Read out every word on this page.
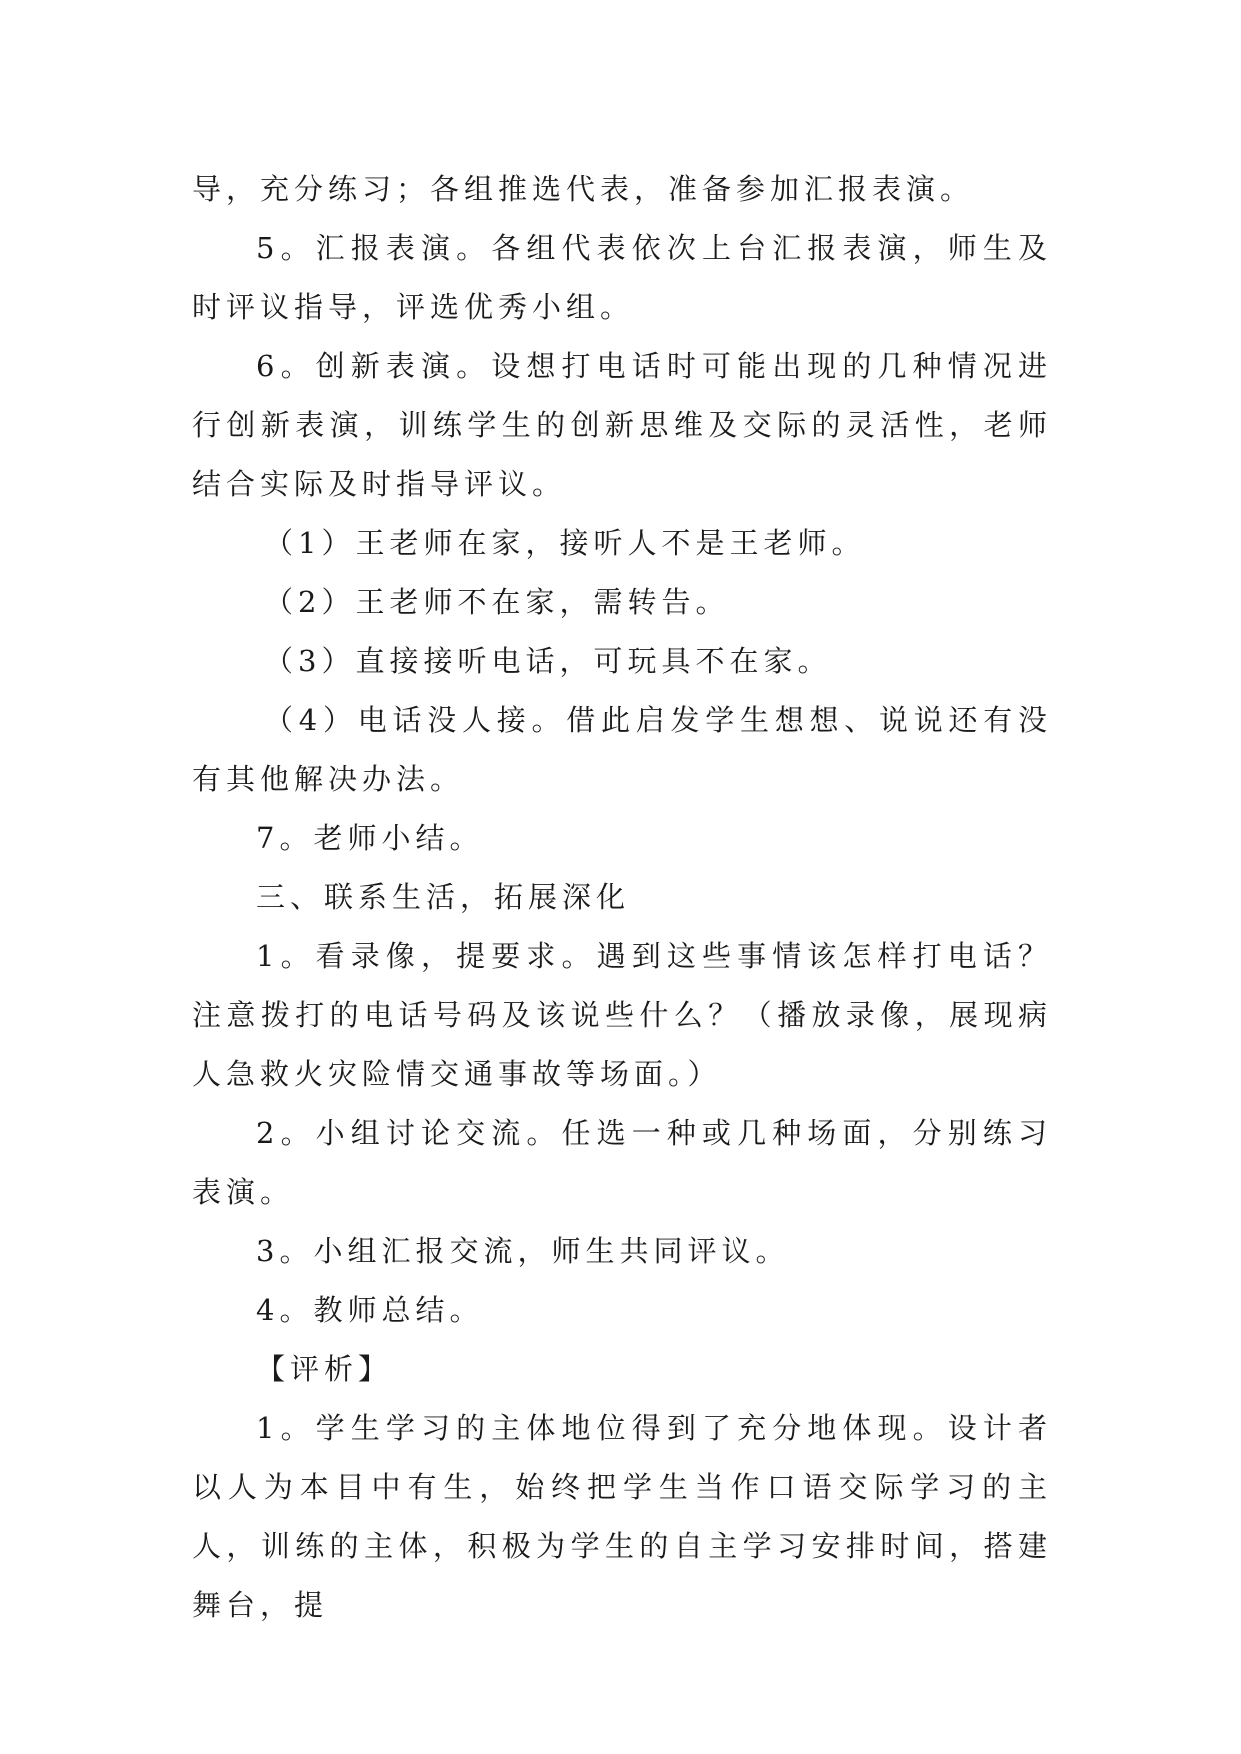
导，充分练习；各组推选代表，准备参加汇报表演。

5。汇报表演。各组代表依次上台汇报表演，师生及时评议指导，评选优秀小组。

6。创新表演。设想打电话时可能出现的几种情况进行创新表演，训练学生的创新思维及交际的灵活性，老师结合实际及时指导评议。

（1）王老师在家，接听人不是王老师。

（2）王老师不在家，需转告。

（3）直接接听电话，可玩具不在家。

（4）电话没人接。借此启发学生想想、说说还有没有其他解决办法。

7。老师小结。

三、联系生活，拓展深化

1。看录像，提要求。遇到这些事情该怎样打电话？注意拨打的电话号码及该说些什么？（播放录像，展现病人急救火灾险情交通事故等场面。）

2。小组讨论交流。任选一种或几种场面，分别练习表演。

3。小组汇报交流，师生共同评议。

4。教师总结。

【评析】

1。学生学习的主体地位得到了充分地体现。设计者以人为本目中有生，始终把学生当作口语交际学习的主人，训练的主体，积极为学生的自主学习安排时间，搭建舞台，提
